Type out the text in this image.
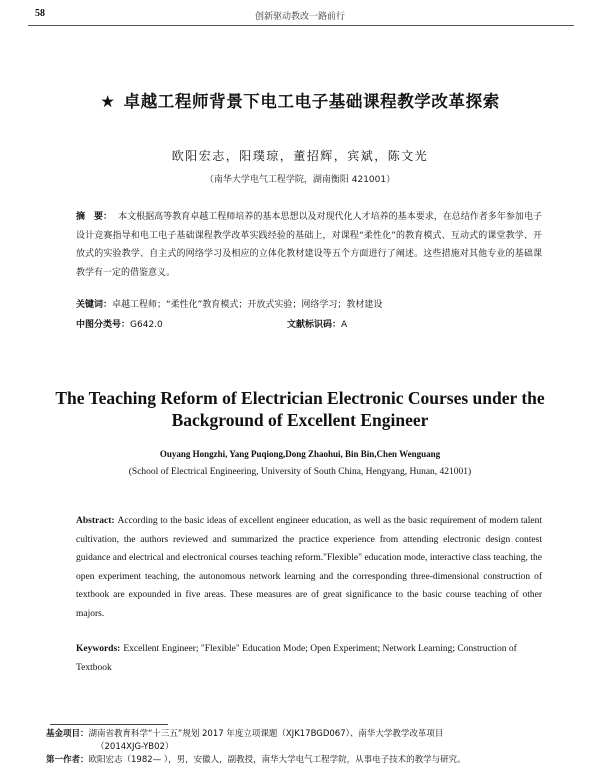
58	创新驱动教改一路前行
★ 卓越工程师背景下电工电子基础课程教学改革探索
欧阳宏志，阳璞琼，董招辉，宾斌，陈文光
（南华大学电气工程学院，湖南衡阳 421001）
摘　要： 本文根据高等教育卓越工程师培养的基本思想以及对现代化人才培养的基本要求，在总结作者多年参加电子设计竞赛指导和电工电子基础课程教学改革实践经验的基础上，对课程“柔性化”的教育模式、互动式的课堂教学、开放式的实验教学、自主式的网络学习及相应的立体化教材建设等五个方面进行了阐述。这些措施对其他专业的基础课教学有一定的借鉴意义。
关键词：卓越工程师；“柔性化”教育模式；开放式实验；网络学习；教材建设
中图分类号：G642.0	文献标识码：A
The Teaching Reform of Electrician Electronic Courses under the
Background of Excellent Engineer
Ouyang Hongzhi, Yang Puqiong,Dong Zhaohui, Bin Bin,Chen Wenguang
(School of Electrical Engineering, University of South China, Hengyang, Hunan, 421001)
Abstract: According to the basic ideas of excellent engineer education, as well as the basic requirement of modern talent cultivation, the authors reviewed and summarized the practice experience from attending electronic design contest guidance and electrical and electronical courses teaching reform."Flexible" education mode, interactive class teaching, the open experiment teaching, the autonomous network learning and the corresponding three-dimensional construction of textbook are expounded in five areas. These measures are of great significance to the basic course teaching of other majors.
Keywords: Excellent Engineer; "Flexible" Education Mode; Open Experiment; Network Learning; Construction of Textbook
基金项目：湖南省教育科学“十三五”规划 2017 年度立项课题（XJK17BGD067）、南华大学教学改革项目
（2014XJG-YB02）
第一作者：欧阳宏志（1982— ），男，安徽人，副教授，南华大学电气工程学院，从事电子技术的教学与研究。
